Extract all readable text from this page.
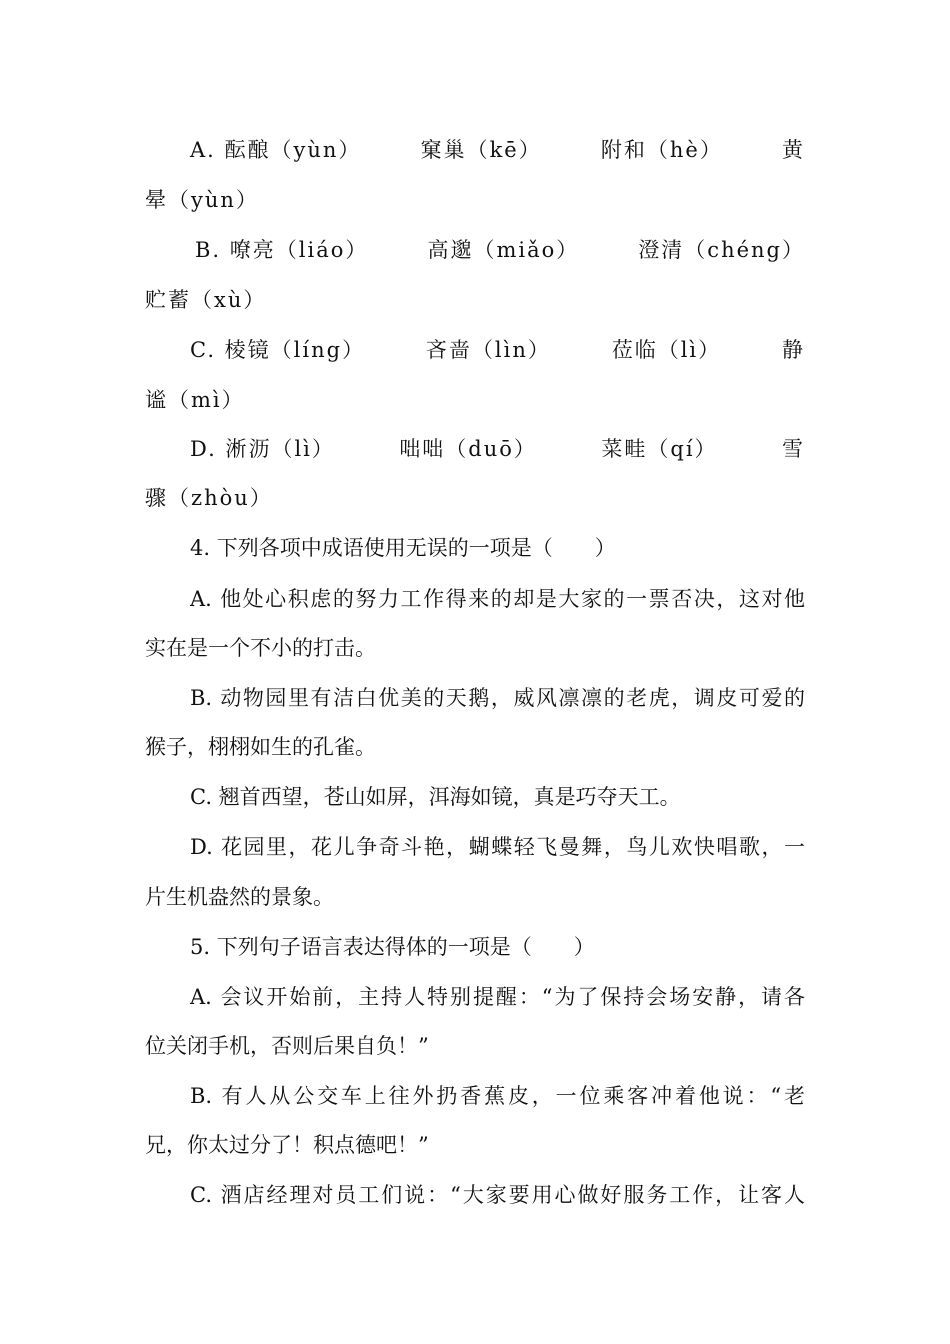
A. 酝酿（yùn）	窠巢（kē）	附和（hè）	黄
晕（yùn）
B. 嘹亮（liáo）	高邈（miǎo）	澄清（chéng）
贮蓄（xù）
C. 棱镜（líng）	吝啬（lìn）	莅临（lì）	静
谧（mì）
D. 淅沥（lì）	咄咄（duō）	菜畦（qí）	雪
骤（zhòu）
4. 下列各项中成语使用无误的一项是（　　）
A. 他处心积虑的努力工作得来的却是大家的一票否决，这对他
实在是一个不小的打击。
B. 动物园里有洁白优美的天鹅，威风凛凛的老虎，调皮可爱的
猴子，栩栩如生的孔雀。
C. 翘首西望，苍山如屏，洱海如镜，真是巧夺天工。
D. 花园里，花儿争奇斗艳，蝴蝶轻飞曼舞，鸟儿欢快唱歌，一
片生机盎然的景象。
5. 下列句子语言表达得体的一项是（　　）
A. 会议开始前，主持人特别提醒：“为了保持会场安静，请各
位关闭手机，否则后果自负！”
B. 有人从公交车上往外扔香蕉皮，一位乘客冲着他说：“老
兄，你太过分了！积点德吧！”
C. 酒店经理对员工们说：“大家要用心做好服务工作，让客人
